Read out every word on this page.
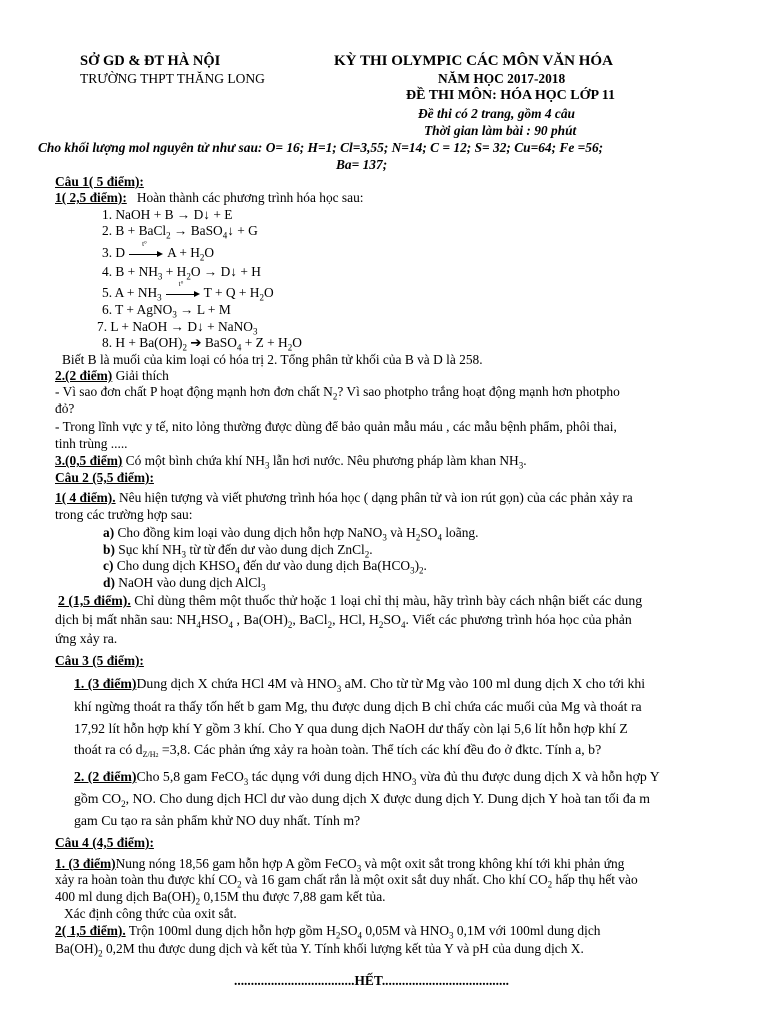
SỞ GD & ĐT HÀ NỘI
TRƯỜNG THPT THĂNG LONG
KỲ THI OLYMPIC CÁC MÔN VĂN HÓA
NĂM HỌC 2017-2018
ĐỀ THI MÔN: HÓA HỌC LỚP 11
Đề thi có 2 trang, gồm 4 câu
Thời gian làm bài : 90 phút
Cho khối lượng mol nguyên tử như sau: O= 16; H=1; Cl=3,55; N=14; C = 12; S= 32; Cu=64; Fe =56;
Ba= 137;
Câu 1( 5 điểm):
1( 2,5 điểm): Hoàn thành các phương trình hóa học sau:
1. NaOH + B → D↓ + E
2. B + BaCl$_2$ → BaSO$_4$↓ + G
3. D
t°
$A + H_2O$
4. $B + NH_3 + H_2O$ → D↓ + H
5. $A + NH_3$
t°
$T + Q + H_2O$
6. T + AgNO$_3$ → L + M
7. L + NaOH → D↓ + NaNO$_3$
8. $H + Ba(OH)_2$ ➔ BaSO$_4$ + $Z + H_2O$
Biết B là muối của kim loại có hóa trị 2. Tổng phân tử khối của B và D là 258.
2.(2 điểm) Giải thích
- Vì sao đơn chất P hoạt động mạnh hơn đơn chất $N_2$? Vì sao photpho trắng hoạt động mạnh hơn photpho
đỏ?
- Trong lĩnh vực y tế, nito lỏng thường được dùng để bảo quản mẫu máu , các mẫu bệnh phẩm, phôi thai,
tinh trùng .....
3.(0,5 điểm) Có một bình chứa khí $NH_3$ lẫn hơi nước. Nêu phương pháp làm khan $NH_3$.
Câu 2 (5,5 điểm):
1( 4 điểm). Nêu hiện tượng và viết phương trình hóa học ( dạng phân tử và ion rút gọn) của các phản xảy ra
trong các trường hợp sau:
a) Cho đồng kim loại vào dung dịch hỗn hợp NaNO$_3$ và $H_2SO_4$ loãng.
b) Sục khí $NH_3$ từ từ đến dư vào dung dịch ZnCl$_2$.
c) Cho dung dịch $KHSO_4$ đến dư vào dung dịch $Ba(HCO_3)_2$.
d) NaOH vào dung dịch AlCl$_3$
2 (1,5 điểm). Chỉ dùng thêm một thuốc thử hoặc 1 loại chỉ thị màu, hãy trình bày cách nhận biết các dung
dịch bị mất nhãn sau: $NH_4HSO_4$ , $Ba(OH)_2$, BaCl$_2$, HCl, $H_2SO_4$. Viết các phương trình hóa học của phản
ứng xảy ra.
Câu 3 (5 điểm):
1. (3 điểm)Dung dịch X chứa HCl 4M và $HNO_3$ aM. Cho từ từ Mg vào 100 ml dung dịch X cho tới khi
khí ngừng thoát ra thấy tốn hết b gam Mg, thu được dung dịch B chỉ chứa các muối của Mg và thoát ra
17,92 lít hỗn hợp khí Y gồm 3 khí. Cho Y qua dung dịch NaOH dư thấy còn lại 5,6 lít hỗn hợp khí Z
thoát ra có $d_{Z/H2} =3,8$. Các phản ứng xảy ra hoàn toàn. Thể tích các khí đều đo ở đktc. Tính a, b?
2. (2 điểm)Cho 5,8 gam FeCO$_3$ tác dụng với dung dịch $HNO_3$ vừa đủ thu được dung dịch X và hỗn hợp Y
gồm $CO_2$, NO. Cho dung dịch HCl dư vào dung dịch X được dung dịch Y. Dung dịch Y hoà tan tối đa m
gam Cu tạo ra sản phẩm khử NO duy nhất. Tính m?
Câu 4 (4,5 điểm):
1. (3 điểm)Nung nóng 18,56 gam hỗn hợp A gồm FeCO$_3$ và một oxit sắt trong không khí tới khi phản ứng
xảy ra hoàn toàn thu được khí $CO_2$ và 16 gam chất rắn là một oxit sắt duy nhất. Cho khí $CO_2$ hấp thụ hết vào
400 ml dung dịch $Ba(OH)_2$ 0,15M thu được 7,88 gam kết tủa.
Xác định công thức của oxit sắt.
2( 1,5 điểm). Trộn 100ml dung dịch hỗn hợp gồm $H_2SO_4$ 0,05M và $HNO_3$ 0,1M với 100ml dung dịch
$Ba(OH)_2$ 0,2M thu được dung dịch và kết tủa Y. Tính khối lượng kết tủa Y và pH của dung dịch X.
....................................HẾT......................................
